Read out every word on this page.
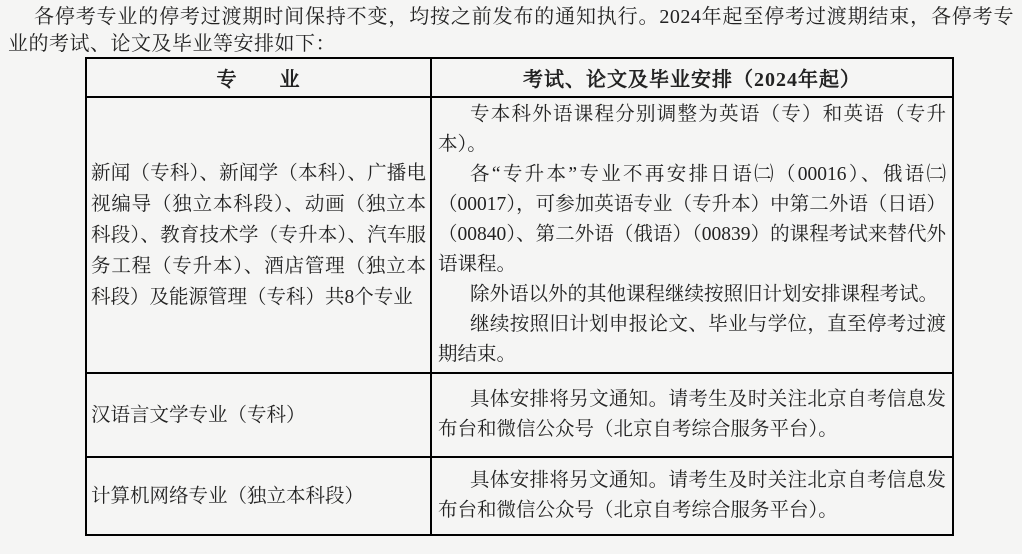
各停考专业的停考过渡期时间保持不变，均按之前发布的通知执行。2024年起至停考过渡期结束，各停考专业的考试、论文及毕业等安排如下：

专　　业	考试、论文及毕业安排（2024年起）
新闻（专科）、新闻学（本科）、广播电视编导（独立本科段）、动画（独立本科段）、教育技术学（专升本）、汽车服务工程（专升本）、酒店管理（独立本科段）及能源管理（专科）共8个专业	专本科外语课程分别调整为英语（专）和英语（专升本）。

各“专升本”专业不再安排日语㈡（00016）、俄语㈡（00017），可参加英语专业（专升本）中第二外语（日语）（00840）、第二外语（俄语）（00839）的课程考试来替代外语课程。

除外语以外的其他课程继续按照旧计划安排课程考试。

继续按照旧计划申报论文、毕业与学位，直至停考过渡期结束。

汉语言文学专业（专科）	具体安排将另文通知。请考生及时关注北京自考信息发布台和微信公众号（北京自考综合服务平台）。

计算机网络专业（独立本科段）	具体安排将另文通知。请考生及时关注北京自考信息发布台和微信公众号（北京自考综合服务平台）。
